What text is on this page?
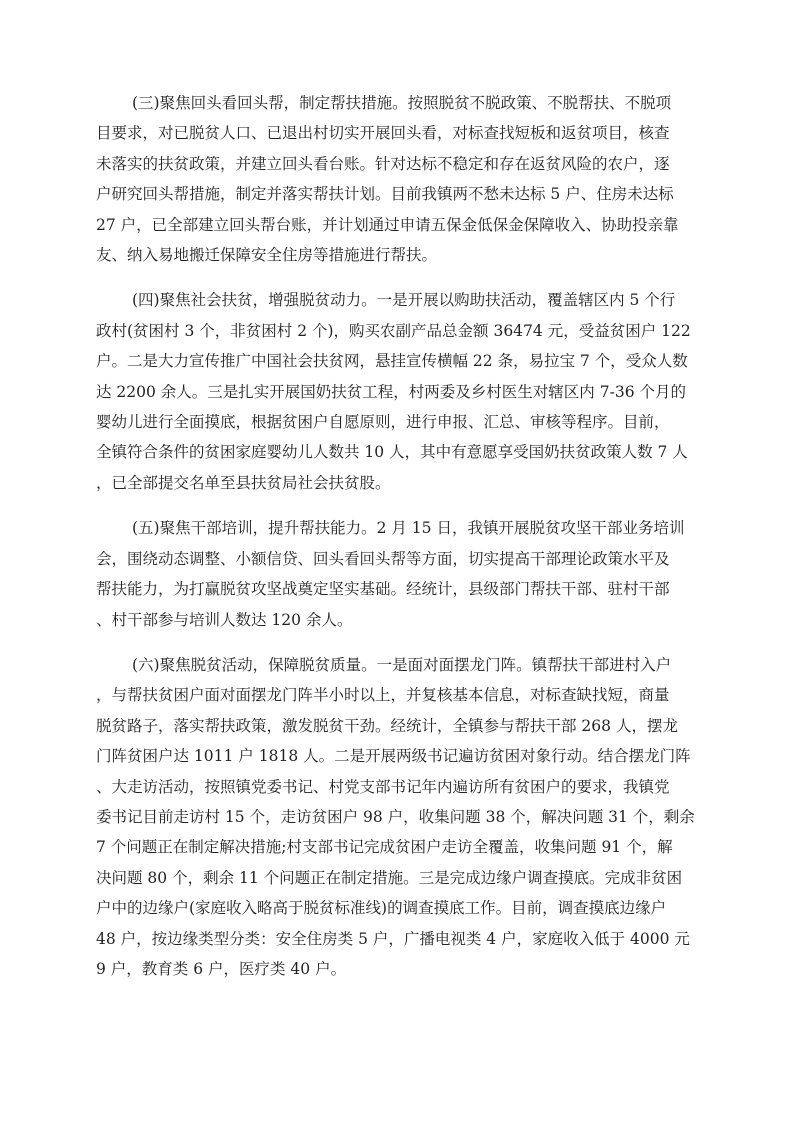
(三)聚焦回头看回头帮，制定帮扶措施。按照脱贫不脱政策、不脱帮扶、不脱项
目要求，对已脱贫人口、已退出村切实开展回头看，对标查找短板和返贫项目，核查
未落实的扶贫政策，并建立回头看台账。针对达标不稳定和存在返贫风险的农户，逐
户研究回头帮措施，制定并落实帮扶计划。目前我镇两不愁未达标 5 户、住房未达标
27 户，已全部建立回头帮台账，并计划通过申请五保金低保金保障收入、协助投亲靠
友、纳入易地搬迁保障安全住房等措施进行帮扶。

(四)聚焦社会扶贫，增强脱贫动力。一是开展以购助扶活动，覆盖辖区内 5 个行
政村(贫困村 3 个，非贫困村 2 个)，购买农副产品总金额 36474 元，受益贫困户 122
户。二是大力宣传推广中国社会扶贫网，悬挂宣传横幅 22 条，易拉宝 7 个，受众人数
达 2200 余人。三是扎实开展国奶扶贫工程，村两委及乡村医生对辖区内 7-36 个月的
婴幼儿进行全面摸底，根据贫困户自愿原则，进行申报、汇总、审核等程序。目前，
全镇符合条件的贫困家庭婴幼儿人数共 10 人，其中有意愿享受国奶扶贫政策人数 7 人
，已全部提交名单至县扶贫局社会扶贫股。

(五)聚焦干部培训，提升帮扶能力。2 月 15 日，我镇开展脱贫攻坚干部业务培训
会，围绕动态调整、小额信贷、回头看回头帮等方面，切实提高干部理论政策水平及
帮扶能力，为打赢脱贫攻坚战奠定坚实基础。经统计，县级部门帮扶干部、驻村干部
、村干部参与培训人数达 120 余人。

(六)聚焦脱贫活动，保障脱贫质量。一是面对面摆龙门阵。镇帮扶干部进村入户
，与帮扶贫困户面对面摆龙门阵半小时以上，并复核基本信息，对标查缺找短，商量
脱贫路子，落实帮扶政策，激发脱贫干劲。经统计，全镇参与帮扶干部 268 人，摆龙
门阵贫困户达 1011 户 1818 人。二是开展两级书记遍访贫困对象行动。结合摆龙门阵
、大走访活动，按照镇党委书记、村党支部书记年内遍访所有贫困户的要求，我镇党
委书记目前走访村 15 个，走访贫困户 98 户，收集问题 38 个，解决问题 31 个，剩余
7 个问题正在制定解决措施;村支部书记完成贫困户走访全覆盖，收集问题 91 个，解
决问题 80 个，剩余 11 个问题正在制定措施。三是完成边缘户调查摸底。完成非贫困
户中的边缘户(家庭收入略高于脱贫标准线)的调查摸底工作。目前，调查摸底边缘户
48 户，按边缘类型分类：安全住房类 5 户，广播电视类 4 户，家庭收入低于 4000 元
9 户，教育类 6 户，医疗类 40 户。
